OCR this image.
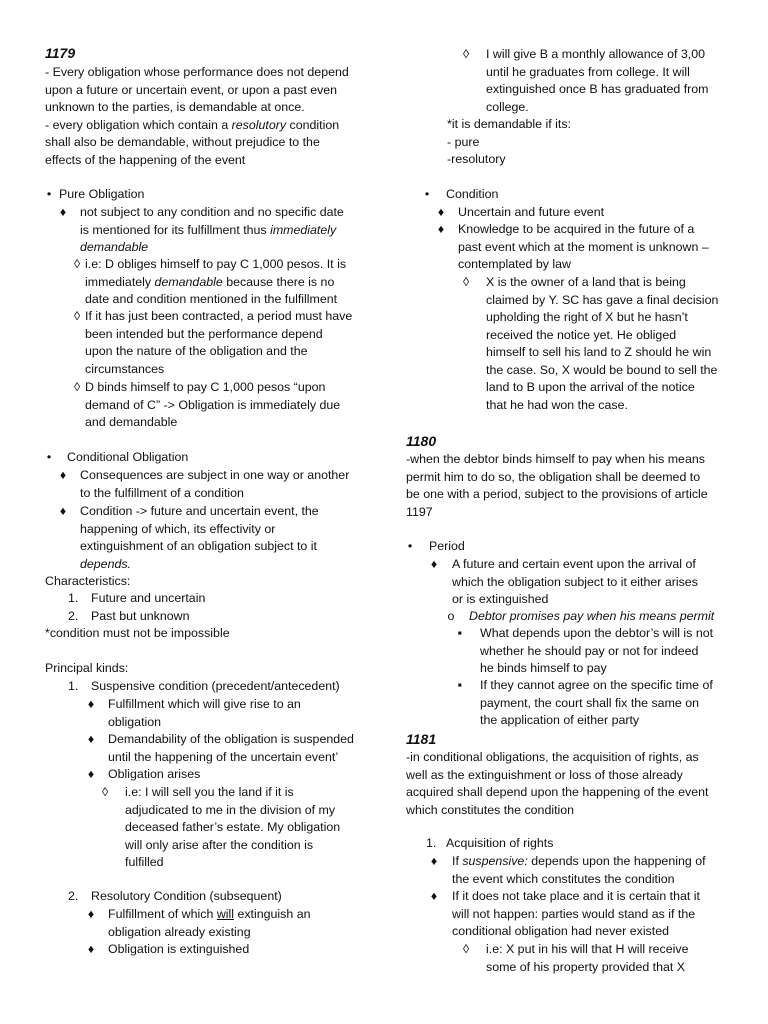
1179
- Every obligation whose performance does not depend
upon a future or uncertain event, or upon a past even
unknown to the parties, is demandable at once.
- every obligation which contain a resolutory condition
shall also be demandable, without prejudice to the
effects of the happening of the event
• Pure Obligation
♦ not subject to any condition and no specific date
is mentioned for its fulfillment thus immediately
demandable
◊ i.e: D obliges himself to pay C 1,000 pesos. It is
immediately demandable because there is no
date and condition mentioned in the fulfillment
◊ If it has just been contracted, a period must have
been intended but the performance depend
upon the nature of the obligation and the
circumstances
◊ D binds himself to pay C 1,000 pesos “upon
demand of C” -> Obligation is immediately due
and demandable
•	Conditional Obligation
♦ Consequences are subject in one way or another
to the fulfillment of a condition
♦ Condition -> future and uncertain event, the
happening of which, its effectivity or
extinguishment of an obligation subject to it
depends.
Characteristics:
1. Future and uncertain
2. Past but unknown
*condition must not be impossible
Principal kinds:
1. Suspensive condition (precedent/antecedent)
♦ Fulfillment which will give rise to an
obligation
♦ Demandability of the obligation is suspended
until the happening of the uncertain event’
♦ Obligation arises
◊ i.e: I will sell you the land if it is
adjudicated to me in the division of my
deceased father’s estate. My obligation
will only arise after the condition is
fulfilled
2. Resolutory Condition (subsequent)
♦ Fulfillment of which will extinguish an
obligation already existing
♦ Obligation is extinguished
◊ I will give B a monthly allowance of 3,00
until he graduates from college. It will
extinguished once B has graduated from
college.
*it is demandable if its:
- pure
-resolutory
•	Condition
♦ Uncertain and future event
♦ Knowledge to be acquired in the future of a
past event which at the moment is unknown –
contemplated by law
◊ X is the owner of a land that is being
claimed by Y. SC has gave a final decision
upholding the right of X but he hasn’t
received the notice yet. He obliged
himself to sell his land to Z should he win
the case. So, X would be bound to sell the
land to B upon the arrival of the notice
that he had won the case.
1180
-when the debtor binds himself to pay when his means
permit him to do so, the obligation shall be deemed to
be one with a period, subject to the provisions of article
1197
•	Period
♦ A future and certain event upon the arrival of
which the obligation subject to it either arises
or is extinguished
o Debtor promises pay when his means permit
▪	What depends upon the debtor’s will is not
whether he should pay or not for indeed
he binds himself to pay
▪	If they cannot agree on the specific time of
payment, the court shall fix the same on
the application of either party
1181
-in conditional obligations, the acquisition of rights, as
well as the extinguishment or loss of those already
acquired shall depend upon the happening of the event
which constitutes the condition
1. Acquisition of rights
♦ If suspensive: depends upon the happening of
the event which constitutes the condition
♦ If it does not take place and it is certain that it
will not happen: parties would stand as if the
conditional obligation had never existed
◊ i.e: X put in his will that H will receive
some of his property provided that X
